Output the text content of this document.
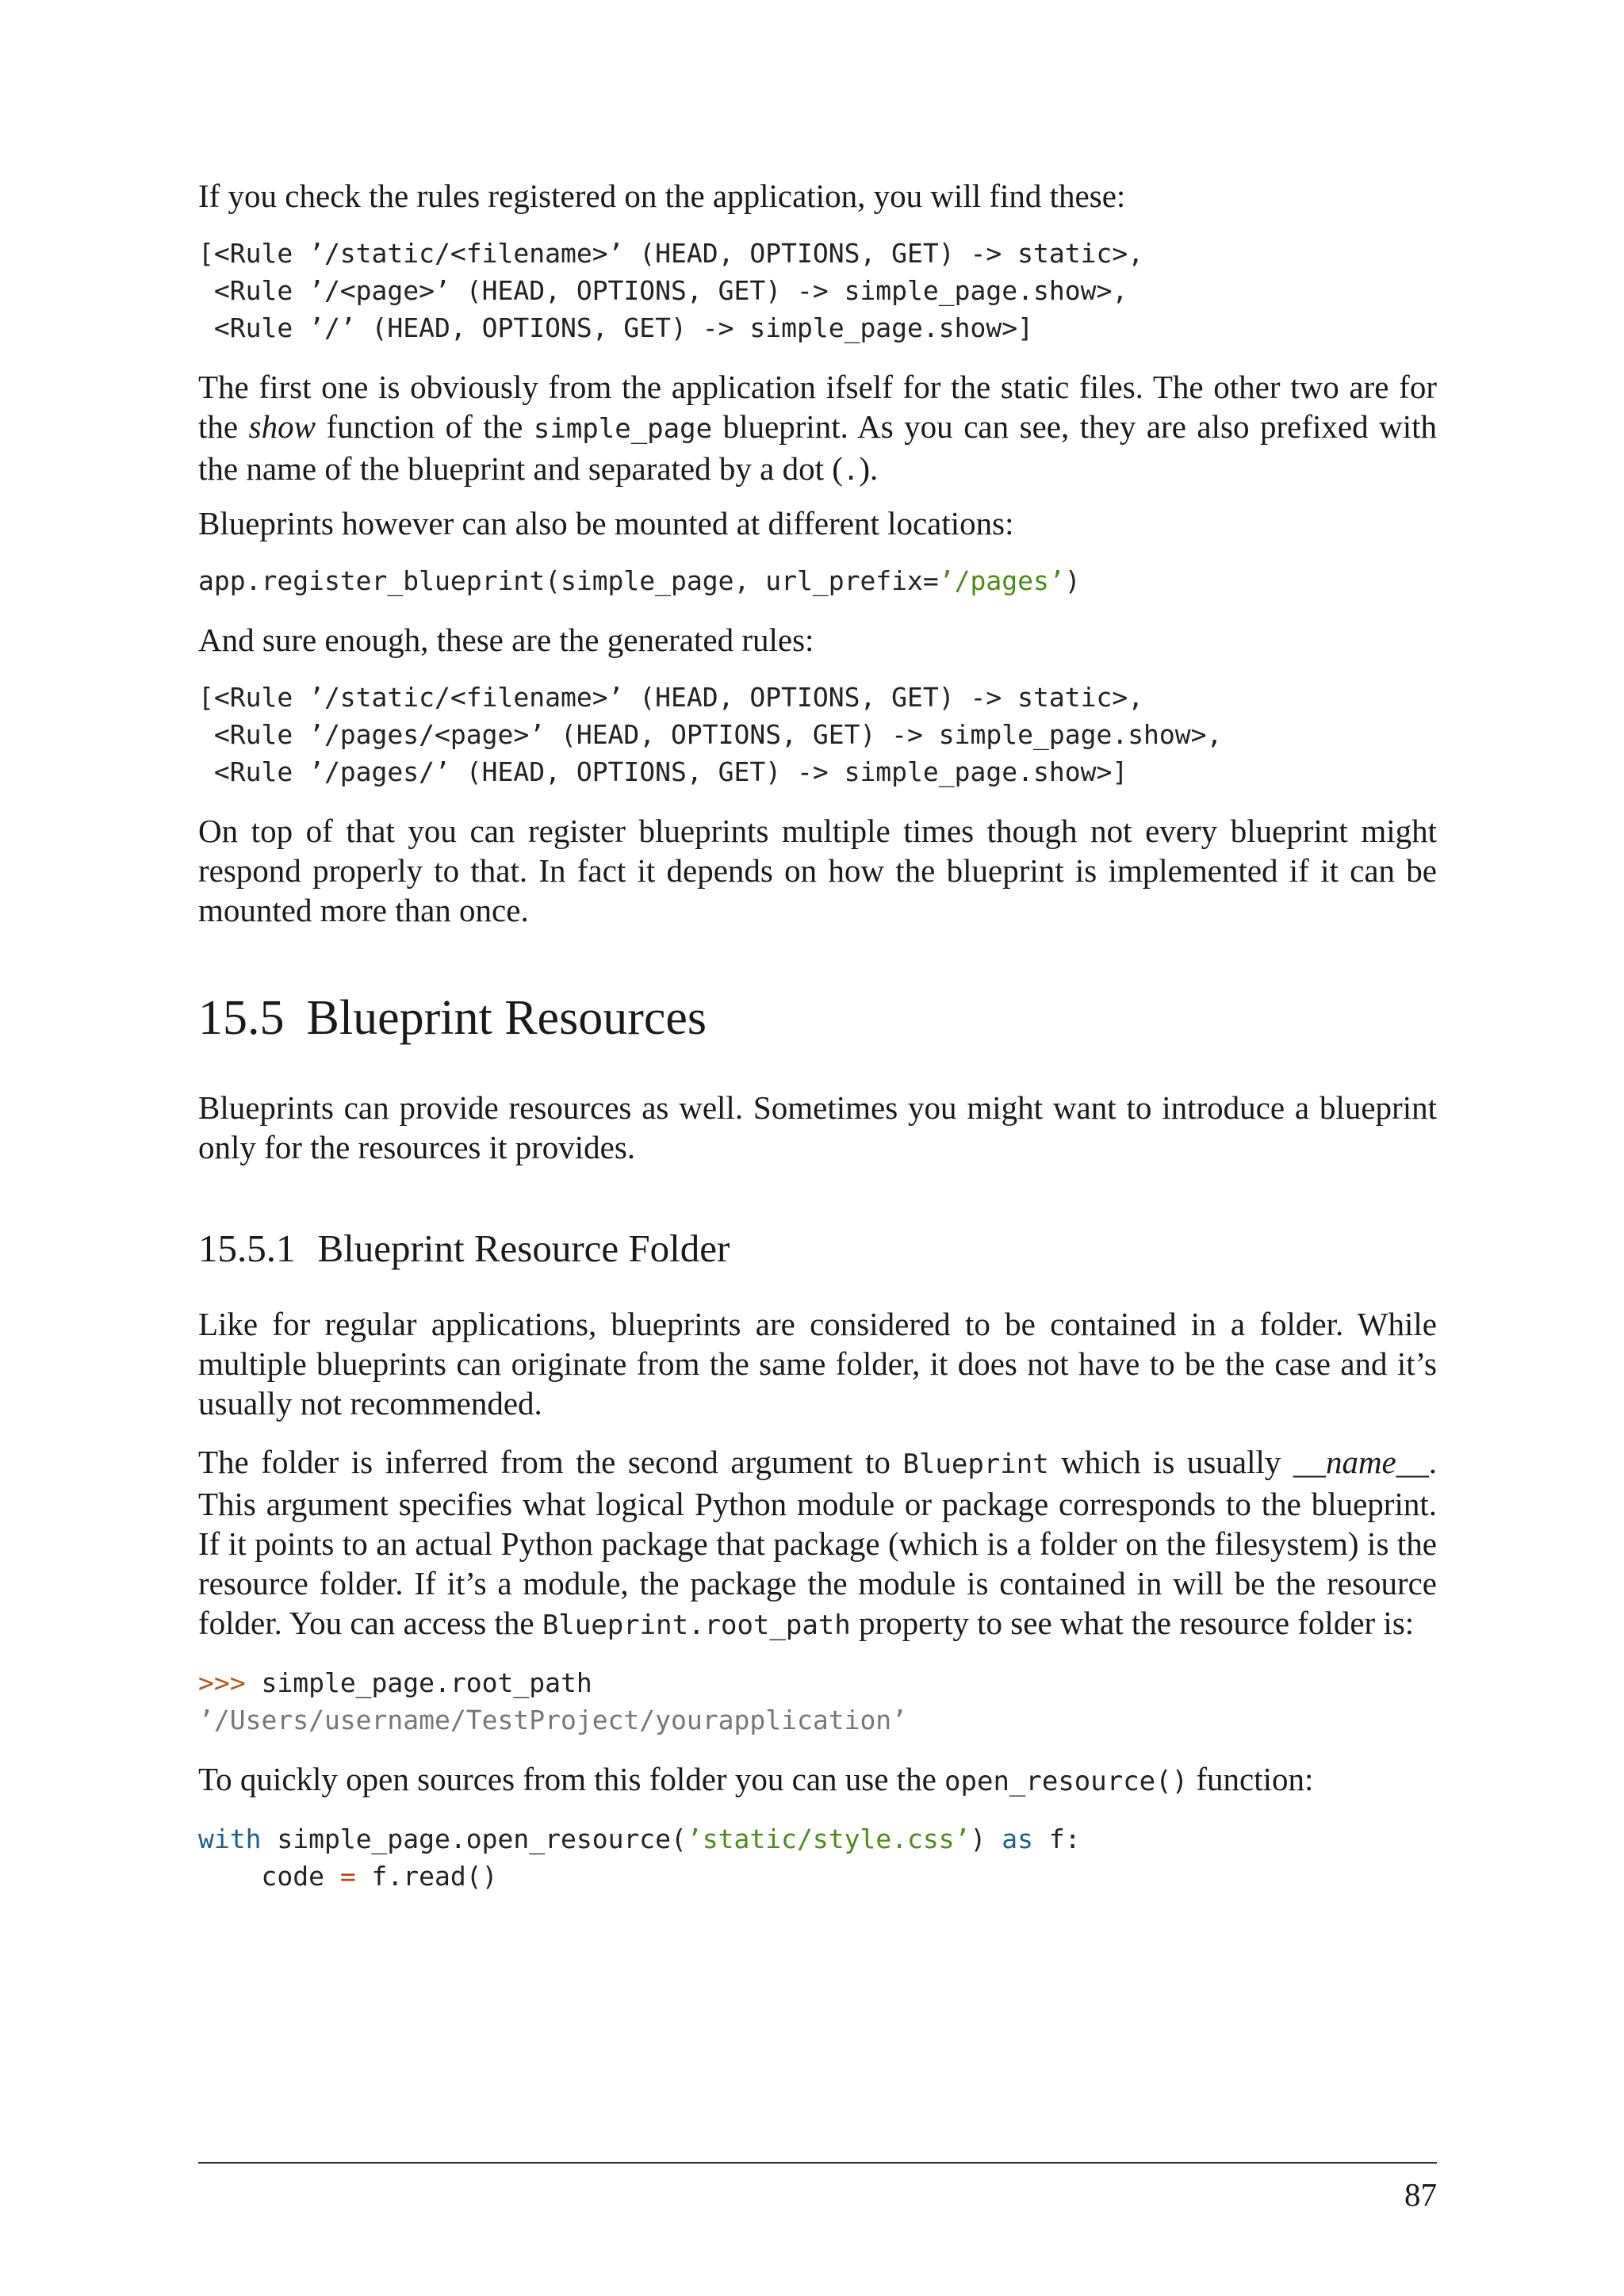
If you check the rules registered on the application, you will find these:

[<Rule ’/static/<filename>’ (HEAD, OPTIONS, GET) -> static>,
<Rule ’/<page>’ (HEAD, OPTIONS, GET) -> simple_page.show>,
<Rule ’/’ (HEAD, OPTIONS, GET) -> simple_page.show>]

The first one is obviously from the application ifself for the static files. The other two are for the show function of the simple_page blueprint. As you can see, they are also prefixed with the name of the blueprint and separated by a dot (.).

Blueprints however can also be mounted at different locations:

app.register_blueprint(simple_page, url_prefix=’/pages’)

And sure enough, these are the generated rules:

[<Rule ’/static/<filename>’ (HEAD, OPTIONS, GET) -> static>,
<Rule ’/pages/<page>’ (HEAD, OPTIONS, GET) -> simple_page.show>,
<Rule ’/pages/’ (HEAD, OPTIONS, GET) -> simple_page.show>]

On top of that you can register blueprints multiple times though not every blueprint might respond properly to that. In fact it depends on how the blueprint is implemented if it can be mounted more than once.

15.5 Blueprint Resources

Blueprints can provide resources as well. Sometimes you might want to introduce a blueprint only for the resources it provides.

15.5.1 Blueprint Resource Folder

Like for regular applications, blueprints are considered to be contained in a folder. While multiple blueprints can originate from the same folder, it does not have to be the case and it’s usually not recommended.

The folder is inferred from the second argument to Blueprint which is usually __name__. This argument specifies what logical Python module or package corresponds to the blueprint. If it points to an actual Python package that package (which is a folder on the filesystem) is the resource folder. If it’s a module, the package the module is contained in will be the resource folder. You can access the Blueprint.root_path property to see what the resource folder is:

>>> simple_page.root_path
’/Users/username/TestProject/yourapplication’

To quickly open sources from this folder you can use the open_resource() function:

with simple_page.open_resource(’static/style.css’) as f:
code = f.read()
87
